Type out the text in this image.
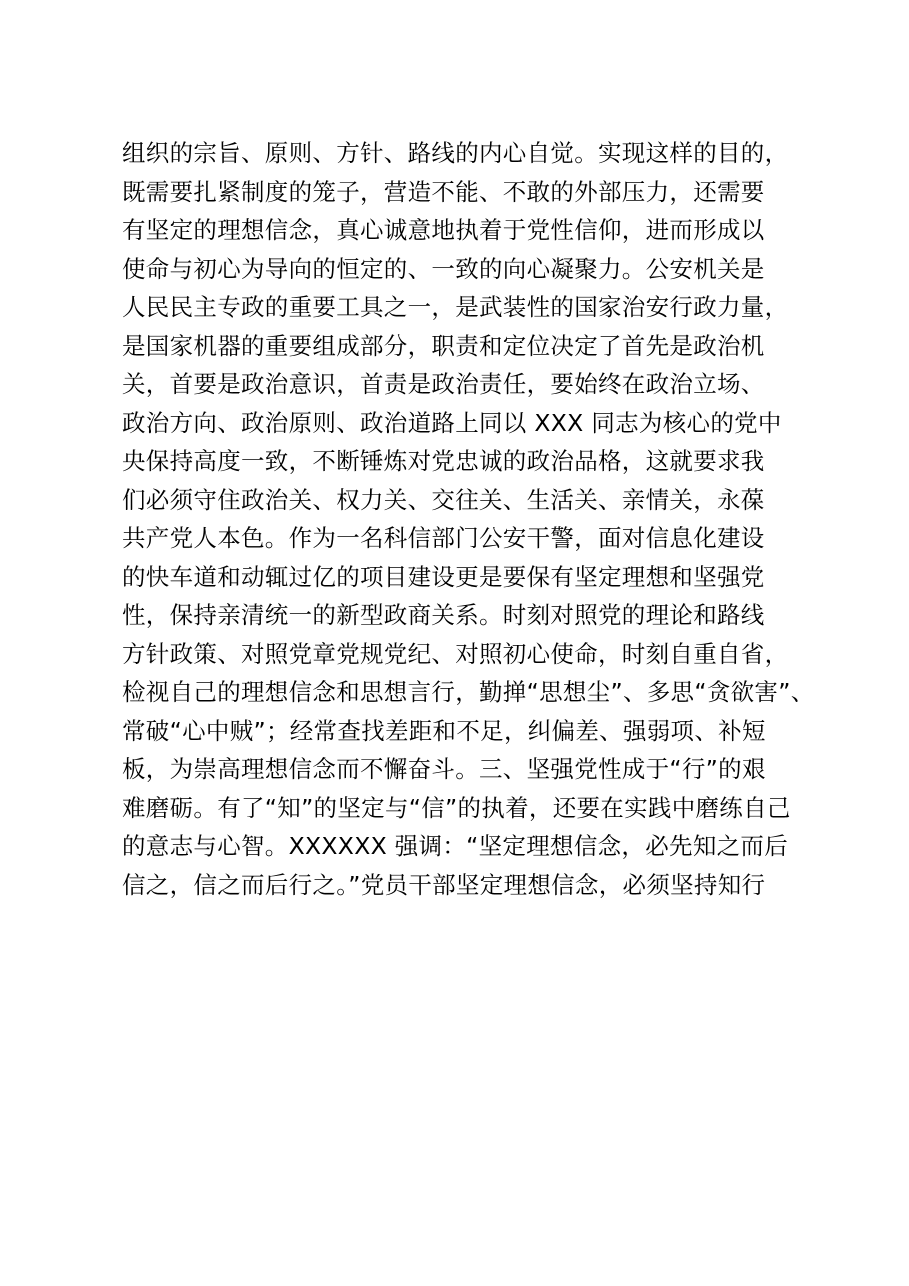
组织的宗旨、原则、方针、路线的内心自觉。实现这样的目的，
既需要扎紧制度的笼子，营造不能、不敢的外部压力，还需要
有坚定的理想信念，真心诚意地执着于党性信仰，进而形成以
使命与初心为导向的恒定的、一致的向心凝聚力。公安机关是
人民民主专政的重要工具之一，是武装性的国家治安行政力量，
是国家机器的重要组成部分，职责和定位决定了首先是政治机
关，首要是政治意识，首责是政治责任，要始终在政治立场、
政治方向、政治原则、政治道路上同以 XXX 同志为核心的党中
央保持高度一致，不断锤炼对党忠诚的政治品格，这就要求我
们必须守住政治关、权力关、交往关、生活关、亲情关，永葆
共产党人本色。作为一名科信部门公安干警，面对信息化建设
的快车道和动辄过亿的项目建设更是要保有坚定理想和坚强党
性，保持亲清统一的新型政商关系。时刻对照党的理论和路线
方针政策、对照党章党规党纪、对照初心使命，时刻自重自省，
检视自己的理想信念和思想言行，勤掸“思想尘”、多思“贪欲害”、
常破“心中贼”；经常查找差距和不足，纠偏差、强弱项、补短
板，为崇高理想信念而不懈奋斗。三、坚强党性成于“行”的艰
难磨砺。有了“知”的坚定与“信”的执着，还要在实践中磨练自己
的意志与心智。XXXXXX 强调：“坚定理想信念，必先知之而后
信之，信之而后行之。”党员干部坚定理想信念，必须坚持知行
